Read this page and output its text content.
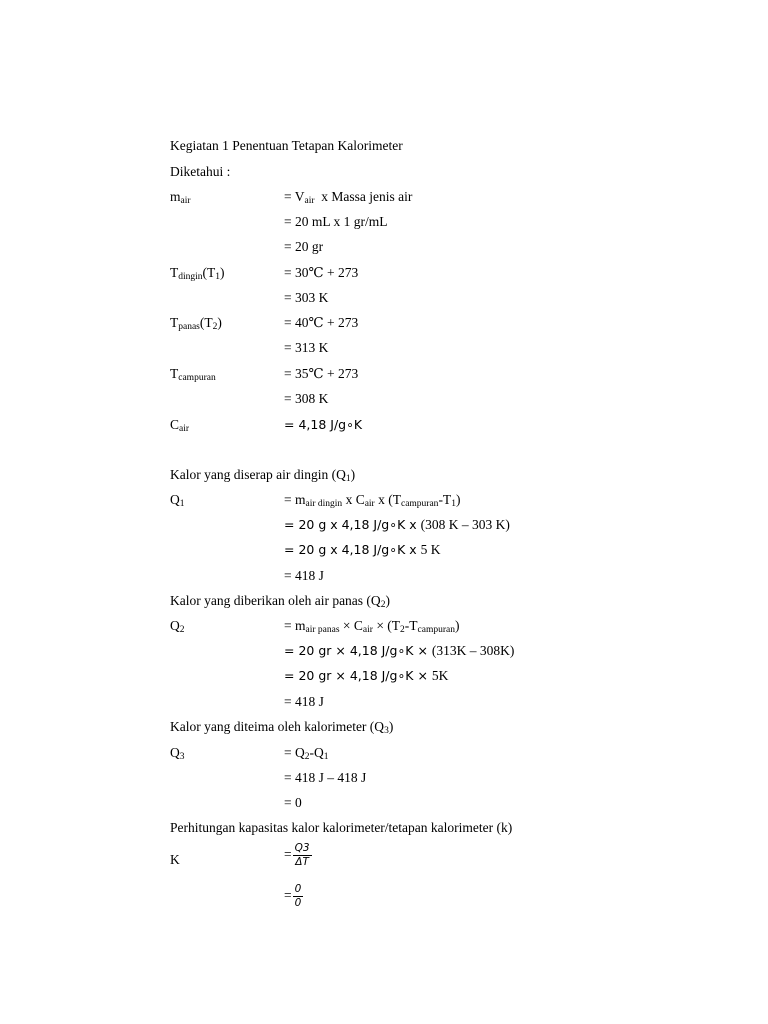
Kegiatan 1 Penentuan Tetapan Kalorimeter
Diketahui :
$m_{air}$	= $V_{air}$  x Massa jenis air
= 20 mL x 1 gr/mL
= 20 gr
$T_{dingin}(T_1)$	= 30℃ + 273
= 303 K
$T_{panas}(T_2)$	= 40℃ + 273
= 313 K
$T_{campuran}$	= 35℃ + 273
= 308 K
$C_{air}$	= 4,18 J/g∘K
Kalor yang diserap air dingin $(Q_1)$
$Q_1$	= $m_{air dingin}$ x $C_{air}$ x $(T_{campuran}-T_1)$
= 20 g x 4,18 J/g∘K x (308 K – 303 K)
= 20 g x 4,18 J/g∘K x 5 K
= 418 J
Kalor yang diberikan oleh air panas $(Q_2)$
$Q_2$	= $m_{air panas} \times C_{air} \times (T_2-T_{campuran})$
= 20 gr × 4,18 J/g∘K × (313K – 308K)
= 20 gr × 4,18 J/g∘K × 5K
= 418 J
Kalor yang diteima oleh kalorimeter $(Q_3)$
$Q_3$	= $Q_2-Q_1$
= 418 J – 418 J
= 0
Perhitungan kapasitas kalor kalorimeter/tetapan kalorimeter (k)
K	= $\frac{Q3}{\Delta T}$
= $\frac{0}{0}$
